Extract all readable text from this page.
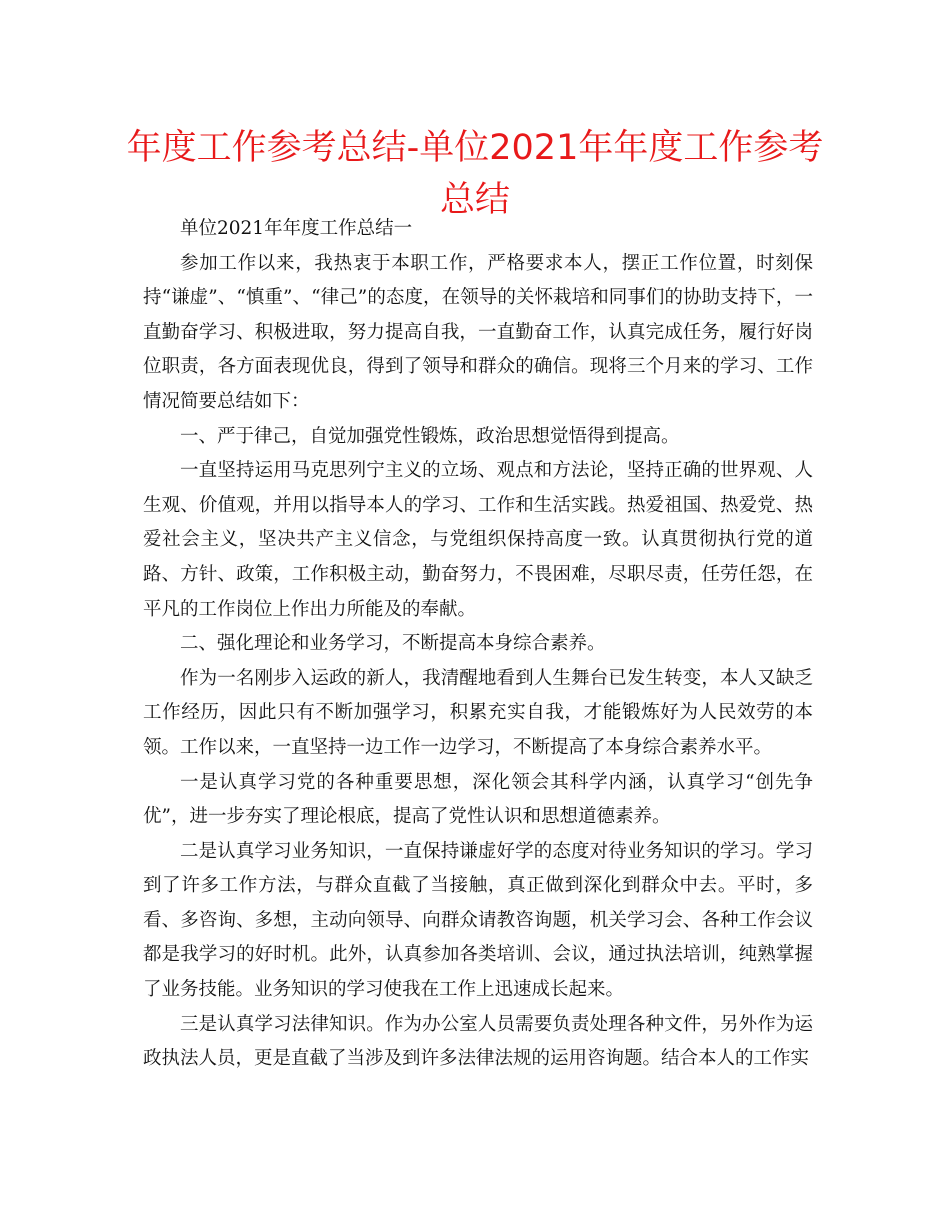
年度工作参考总结-单位2021年年度工作参考总结

单位2021年年度工作总结一

参加工作以来，我热衷于本职工作，严格要求本人，摆正工作位置，时刻保持“谦虚”、“慎重”、“律己”的态度，在领导的关怀栽培和同事们的协助支持下，一直勤奋学习、积极进取，努力提高自我，一直勤奋工作，认真完成任务，履行好岗位职责，各方面表现优良，得到了领导和群众的确信。现将三个月来的学习、工作情况简要总结如下：

一、严于律己，自觉加强党性锻炼，政治思想觉悟得到提高。

一直坚持运用马克思列宁主义的立场、观点和方法论，坚持正确的世界观、人生观、价值观，并用以指导本人的学习、工作和生活实践。热爱祖国、热爱党、热爱社会主义，坚决共产主义信念，与党组织保持高度一致。认真贯彻执行党的道路、方针、政策，工作积极主动，勤奋努力，不畏困难，尽职尽责，任劳任怨，在平凡的工作岗位上作出力所能及的奉献。

二、强化理论和业务学习，不断提高本身综合素养。

作为一名刚步入运政的新人，我清醒地看到人生舞台已发生转变，本人又缺乏工作经历，因此只有不断加强学习，积累充实自我，才能锻炼好为人民效劳的本领。工作以来，一直坚持一边工作一边学习，不断提高了本身综合素养水平。

一是认真学习党的各种重要思想，深化领会其科学内涵，认真学习“创先争优”，进一步夯实了理论根底，提高了党性认识和思想道德素养。

二是认真学习业务知识，一直保持谦虚好学的态度对待业务知识的学习。学习到了许多工作方法，与群众直截了当接触，真正做到深化到群众中去。平时，多看、多咨询、多想，主动向领导、向群众请教咨询题，机关学习会、各种工作会议都是我学习的好时机。此外，认真参加各类培训、会议，通过执法培训，纯熟掌握了业务技能。业务知识的学习使我在工作上迅速成长起来。

三是认真学习法律知识。作为办公室人员需要负责处理各种文件，另外作为运政执法人员，更是直截了当涉及到许多法律法规的运用咨询题。结合本人的工作实
